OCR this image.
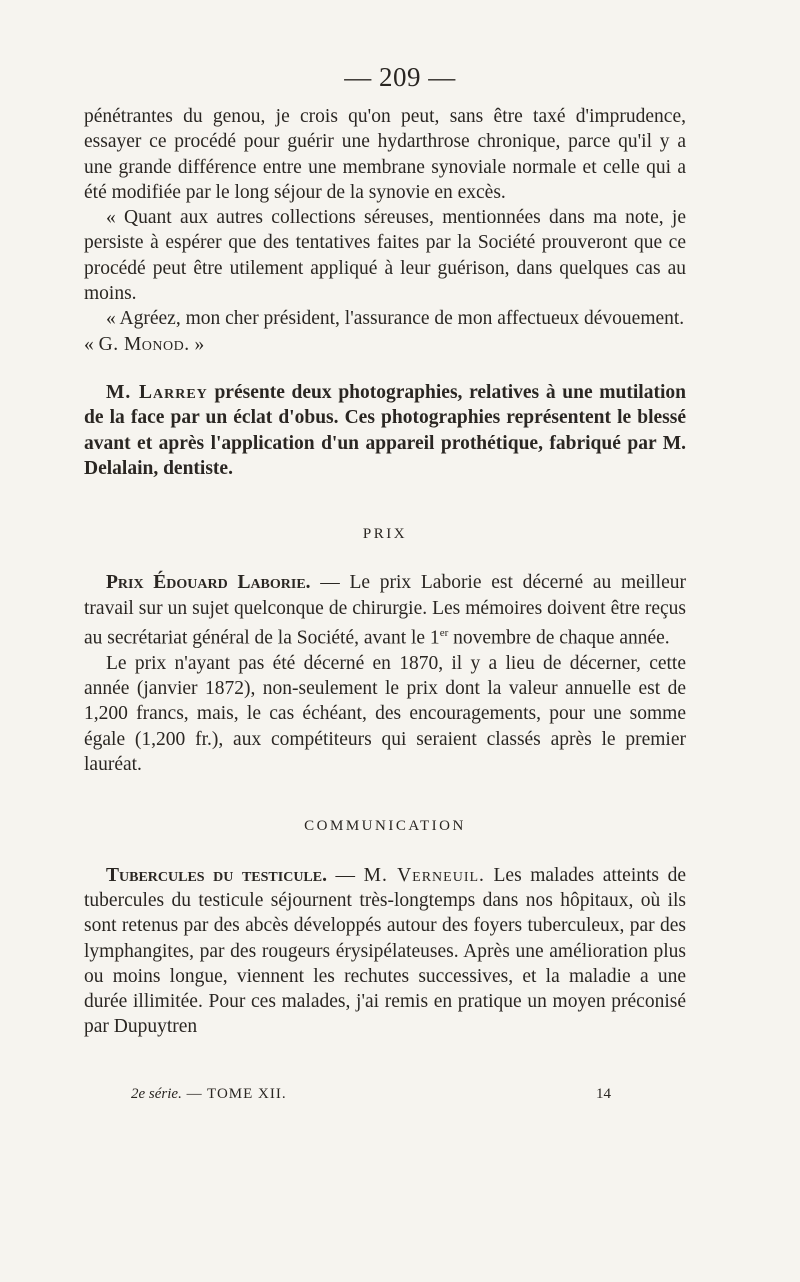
— 209 —

pénétrantes du genou, je crois qu'on peut, sans être taxé d'imprudence, essayer ce procédé pour guérir une hydarthrose chronique, parce qu'il y a une grande différence entre une membrane synoviale normale et celle qui a été modifiée par le long séjour de la synovie en excès.

« Quant aux autres collections séreuses, mentionnées dans ma note, je persiste à espérer que des tentatives faites par la Société prouveront que ce procédé peut être utilement appliqué à leur guérison, dans quelques cas au moins.

« Agréez, mon cher président, l'assurance de mon affectueux dévouement.

« G. Monod. »

M. Larrey présente deux photographies, relatives à une mutilation de la face par un éclat d'obus. Ces photographies représentent le blessé avant et après l'application d'un appareil prothétique, fabriqué par M. Delalain, dentiste.

PRIX

Prix Édouard Laborie. — Le prix Laborie est décerné au meilleur travail sur un sujet quelconque de chirurgie. Les mémoires doivent être reçus au secrétariat général de la Société, avant le 1er novembre de chaque année.

Le prix n'ayant pas été décerné en 1870, il y a lieu de décerner, cette année (janvier 1872), non-seulement le prix dont la valeur annuelle est de 1,200 francs, mais, le cas échéant, des encouragements, pour une somme égale (1,200 fr.), aux compétiteurs qui seraient classés après le premier lauréat.

COMMUNICATION

Tubercules du testicule. — M. Verneuil. Les malades atteints de tubercules du testicule séjournent très-longtemps dans nos hôpitaux, où ils sont retenus par des abcès développés autour des foyers tuberculeux, par des lymphangites, par des rougeurs érysipélateuses. Après une amélioration plus ou moins longue, viennent les rechutes successives, et la maladie a une durée illimitée. Pour ces malades, j'ai remis en pratique un moyen préconisé par Dupuytren

2e série. — TOME XII.	14
